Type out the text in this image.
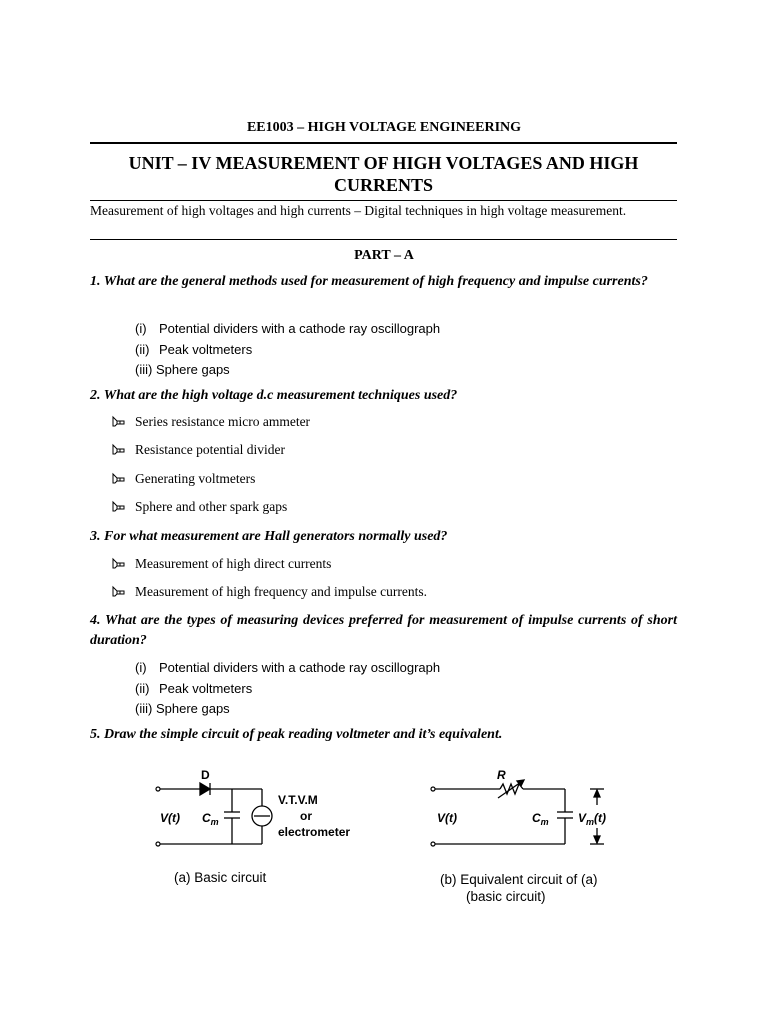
EE1003 – HIGH VOLTAGE ENGINEERING
UNIT – IV MEASUREMENT OF HIGH VOLTAGES AND HIGH
CURRENTS
Measurement of high voltages and high currents – Digital techniques in high voltage measurement.
PART – A
1. What are the general methods used for measurement of high frequency and impulse currents?
(i) Potential dividers with a cathode ray oscillograph
(ii) Peak voltmeters
(iii) Sphere gaps
2. What are the high voltage d.c measurement techniques used?
Series resistance micro ammeter
Resistance potential divider
Generating voltmeters
Sphere and other spark gaps
3. For what measurement are Hall generators normally used?
Measurement of high direct currents
Measurement of high frequency and impulse currents.
4. What are the types of measuring devices preferred for measurement of impulse currents of short duration?
(i) Potential dividers with a cathode ray oscillograph
(ii) Peak voltmeters
(iii) Sphere gaps
5. Draw the simple circuit of peak reading voltmeter and it’s equivalent.
D
V(t) $C_m$
V.T.V.M
or
electrometer
(a) Basic circuit
R
V(t)	$C_m$ $V_m(t)$
(b) Equivalent circuit of (a)
(basic circuit)
